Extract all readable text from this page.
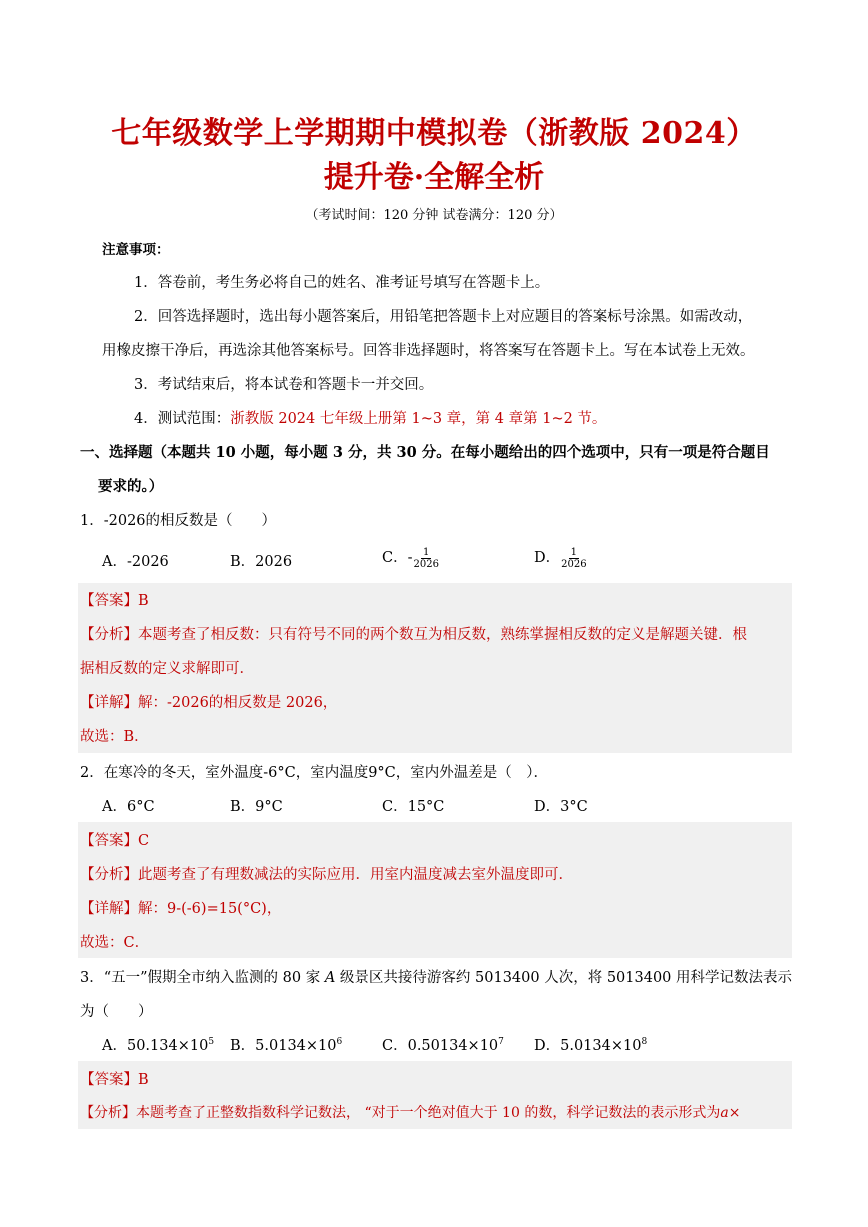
七年级数学上学期期中模拟卷（浙教版 2024）
提升卷·全解全析
（考试时间：120 分钟 试卷满分：120 分）
注意事项：
1．答卷前，考生务必将自己的姓名、准考证号填写在答题卡上。
2．回答选择题时，选出每小题答案后，用铅笔把答题卡上对应题目的答案标号涂黑。如需改动，
用橡皮擦干净后，再选涂其他答案标号。回答非选择题时，将答案写在答题卡上。写在本试卷上无效。
3．考试结束后，将本试卷和答题卡一并交回。
4．测试范围：浙教版 2024 七年级上册第 1~3 章，第 4 章第 1~2 节。
一、选择题（本题共 10 小题，每小题 3 分，共 30 分。在每小题给出的四个选项中，只有一项是符合题目
要求的。）
1．-2026的相反数是（　　）
A．-2026	B．2026	C．- $\frac{1}{2026}$	D． $\frac{1}{2026}$
【答案】B
【分析】本题考查了相反数：只有符号不同的两个数互为相反数，熟练掌握相反数的定义是解题关键．根
据相反数的定义求解即可．
【详解】解：-2026的相反数是 2026，
故选：B．
2．在寒冷的冬天，室外温度-6°C，室内温度9°C，室内外温差是（　）．
A．6°C	B．9°C	C．15°C	D．3°C
【答案】C
【分析】此题考查了有理数减法的实际应用．用室内温度减去室外温度即可．
【详解】解：9-(-6)=15(°C)，
故选：C．
3．“五一”假期全市纳入监测的 80 家 A 级景区共接待游客约 5013400 人次，将 5013400 用科学记数法表示
为（　　）
A．$50.134\times 10^5$ B．$5.0134\times 10^6$	C．$0.50134\times 10^7$ D．$5.0134\times 10^8$
【答案】B
【分析】本题考查了正整数指数科学记数法， “对于一个绝对值大于 10 的数，科学记数法的表示形式为a×
